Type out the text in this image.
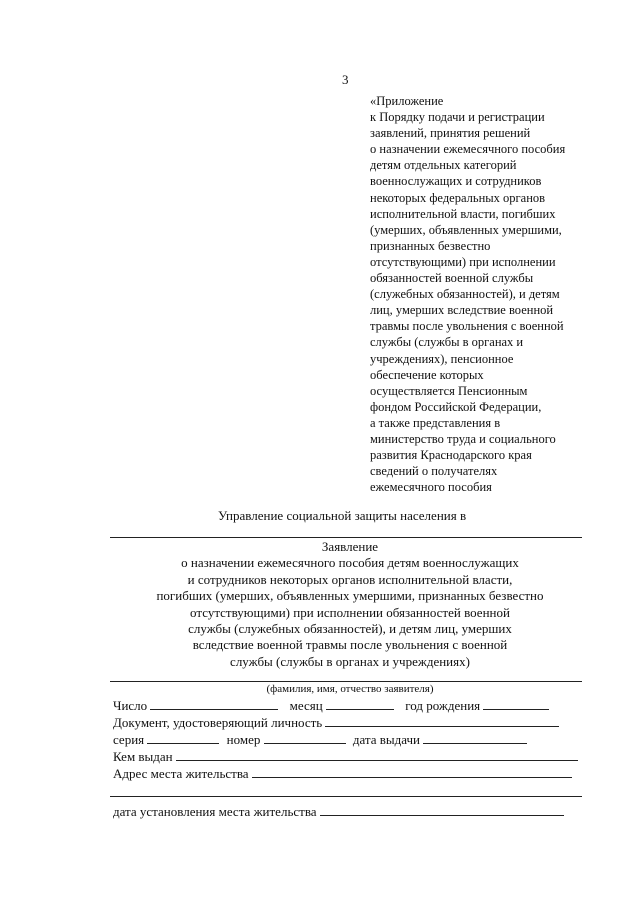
3
«Приложение
к Порядку подачи и регистрации
заявлений, принятия решений
о назначении ежемесячного пособия
детям отдельных категорий
военнослужащих и сотрудников
некоторых федеральных органов
исполнительной власти, погибших
(умерших, объявленных умершими,
признанных безвестно
отсутствующими) при исполнении
обязанностей военной службы
(служебных обязанностей), и детям
лиц, умерших вследствие военной
травмы после увольнения с военной
службы (службы в органах и
учреждениях), пенсионное
обеспечение которых
осуществляется Пенсионным
фондом Российской Федерации,
а также представления в
министерство труда и социального
развития Краснодарского края
сведений о получателях
ежемесячного пособия
Управление социальной защиты населения в
Заявление
о назначении ежемесячного пособия детям военнослужащих
и сотрудников некоторых органов исполнительной власти,
погибших (умерших, объявленных умершими, признанных безвестно
отсутствующими) при исполнении обязанностей военной
службы (служебных обязанностей), и детям лиц, умерших
вследствие военной травмы после увольнения с военной
службы (службы в органах и учреждениях)
(фамилия, имя, отчество заявителя)
Число	месяц	год рождения
Документ, удостоверяющий личность
серия	номер	дата выдачи
Кем выдан
Адрес места жительства
дата установления места жительства
